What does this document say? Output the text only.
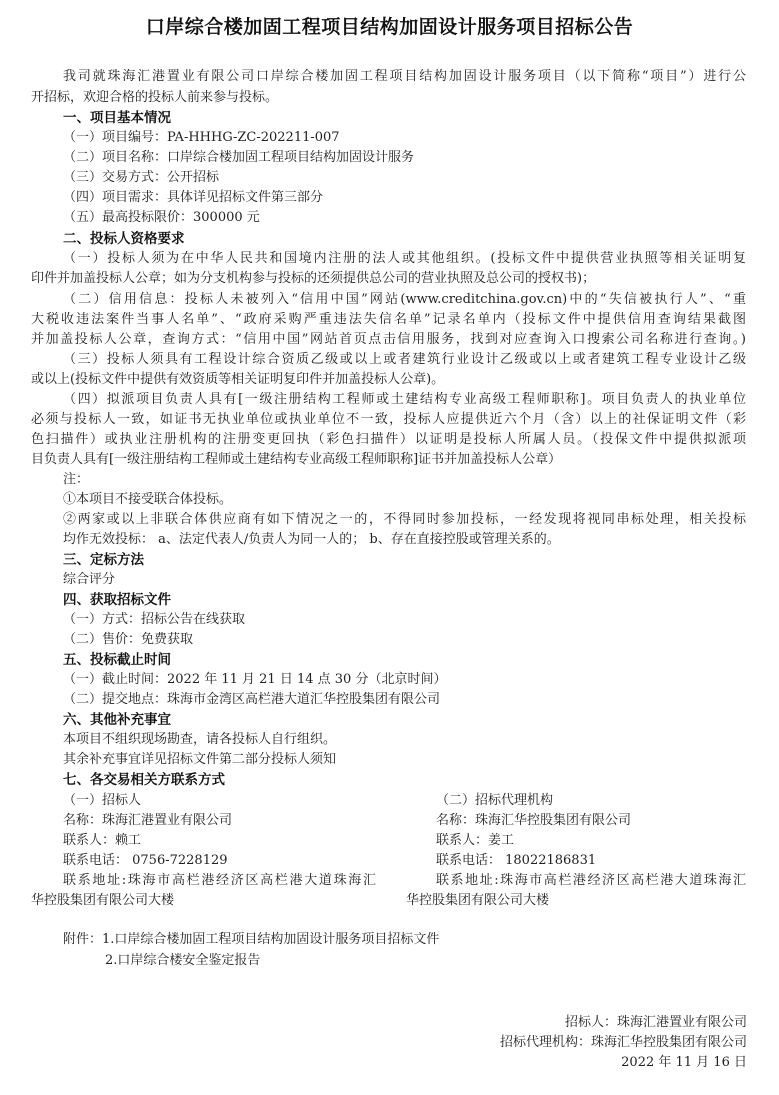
口岸综合楼加固工程项目结构加固设计服务项目招标公告
我司就珠海汇港置业有限公司口岸综合楼加固工程项目结构加固设计服务项目（以下简称“项目”）进行公
开招标，欢迎合格的投标人前来参与投标。
一、项目基本情况
（一）项目编号：PA-HHHG-ZC-202211-007
（二）项目名称：口岸综合楼加固工程项目结构加固设计服务
（三）交易方式：公开招标
（四）项目需求：具体详见招标文件第三部分
（五）最高投标限价：300000 元
二、投标人资格要求
（一）投标人须为在中华人民共和国境内注册的法人或其他组织。(投标文件中提供营业执照等相关证明复
印件并加盖投标人公章；如为分支机构参与投标的还须提供总公司的营业执照及总公司的授权书)；
（二）信用信息：投标人未被列入“信用中国”网站(www.creditchina.gov.cn)中的“失信被执行人”、“重
大税收违法案件当事人名单”、“政府采购严重违法失信名单”记录名单内（投标文件中提供信用查询结果截图
并加盖投标人公章，查询方式：“信用中国”网站首页点击信用服务，找到对应查询入口搜索公司名称进行查询。)
（三）投标人须具有工程设计综合资质乙级或以上或者建筑行业设计乙级或以上或者建筑工程专业设计乙级
或以上(投标文件中提供有效资质等相关证明复印件并加盖投标人公章)。
（四）拟派项目负责人具有[一级注册结构工程师或土建结构专业高级工程师职称]。项目负责人的执业单位
必须与投标人一致，如证书无执业单位或执业单位不一致，投标人应提供近六个月（含）以上的社保证明文件（彩
色扫描件）或执业注册机构的注册变更回执（彩色扫描件）以证明是投标人所属人员。（投保文件中提供拟派项
目负责人具有[一级注册结构工程师或土建结构专业高级工程师职称]证书并加盖投标人公章）
注：
①本项目不接受联合体投标。
②两家或以上非联合体供应商有如下情况之一的，不得同时参加投标，一经发现将视同串标处理，相关投标
均作无效投标： a、法定代表人/负责人为同一人的； b、存在直接控股或管理关系的。
三、定标方法
综合评分
四、获取招标文件
（一）方式：招标公告在线获取
（二）售价：免费获取
五、投标截止时间
（一）截止时间：2022 年 11 月 21 日 14 点 30 分（北京时间）
（二）提交地点：珠海市金湾区高栏港大道汇华控股集团有限公司
六、其他补充事宜
本项目不组织现场勘查，请各投标人自行组织。
其余补充事宜详见招标文件第二部分投标人须知
七、各交易相关方联系方式
（一）招标人
名称：珠海汇港置业有限公司
联系人：赖工
联系电话： 0756-7228129
联系地址:珠海市高栏港经济区高栏港大道珠海汇
华控股集团有限公司大楼
（二）招标代理机构
名称：珠海汇华控股集团有限公司
联系人：姜工
联系电话： 18022186831
联系地址:珠海市高栏港经济区高栏港大道珠海汇
华控股集团有限公司大楼
附件：1.口岸综合楼加固工程项目结构加固设计服务项目招标文件
2.口岸综合楼安全鉴定报告
招标人：珠海汇港置业有限公司
招标代理机构：珠海汇华控股集团有限公司
2022 年 11 月 16 日
